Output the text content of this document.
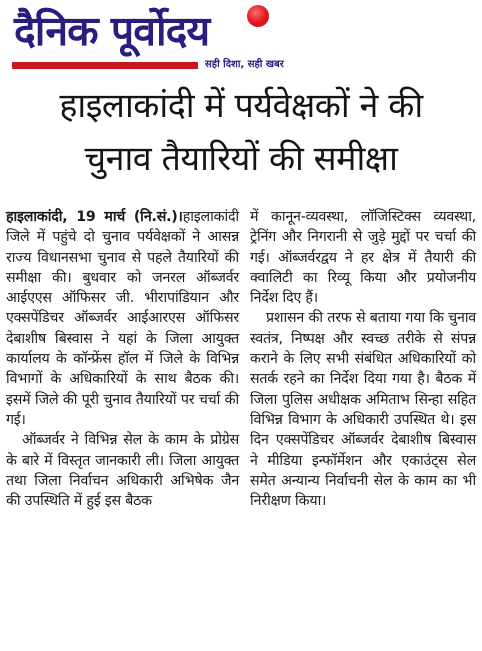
दैनिक पूर्वोदय
सही दिशा, सही खबर
हाइलाकांदी में पर्यवेक्षकों ने की
चुनाव तैयारियों की समीक्षा

हाइलाकांदी, 19 मार्च (नि.सं.)।हाइलाकांदी जिले में पहुंचे दो चुनाव पर्यवेक्षकों ने आसन्न राज्य विधानसभा चुनाव से पहले तैयारियों की समीक्षा की। बुधवार को जनरल ऑब्जर्वर आईएएस ऑफिसर जी. भीरापांडियान और एक्सपेंडिचर ऑब्जर्वर आईआरएस ऑफिसर देबाशीष बिस्वास ने यहां के जिला आयुक्त कार्यालय के कॉन्फ्रेंस हॉल में जिले के विभिन्न विभागों के अधिकारियों के साथ बैठक की। इसमें जिले की पूरी चुनाव तैयारियों पर चर्चा की गई।

ऑब्जर्वर ने विभिन्न सेल के काम के प्रोग्रेस के बारे में विस्तृत जानकारी ली। जिला आयुक्त तथा जिला निर्वाचन अधिकारी अभिषेक जैन की उपस्थिति में हुई इस बैठक

में कानून-व्यवस्था, लॉजिस्टिक्स व्यवस्था, ट्रेनिंग और निगरानी से जुड़े मुद्दों पर चर्चा की गई। ऑब्जर्वरद्वय ने हर क्षेत्र में तैयारी की क्वालिटी का रिव्यू किया और प्रयोजनीय निर्देश दिए हैं।

प्रशासन की तरफ से बताया गया कि चुनाव स्वतंत्र, निष्पक्ष और स्वच्छ तरीके से संपन्न कराने के लिए सभी संबंधित अधिकारियों को सतर्क रहने का निर्देश दिया गया है। बैठक में जिला पुलिस अधीक्षक अमिताभ सिन्हा सहित विभिन्न विभाग के अधिकारी उपस्थित थे। इस दिन एक्सपेंडिचर ऑब्जर्वर देबाशीष बिस्वास ने मीडिया इन्फॉर्मेशन और एकाउंट्स सेल समेत अन्यान्य निर्वाचनी सेल के काम का भी निरीक्षण किया।
